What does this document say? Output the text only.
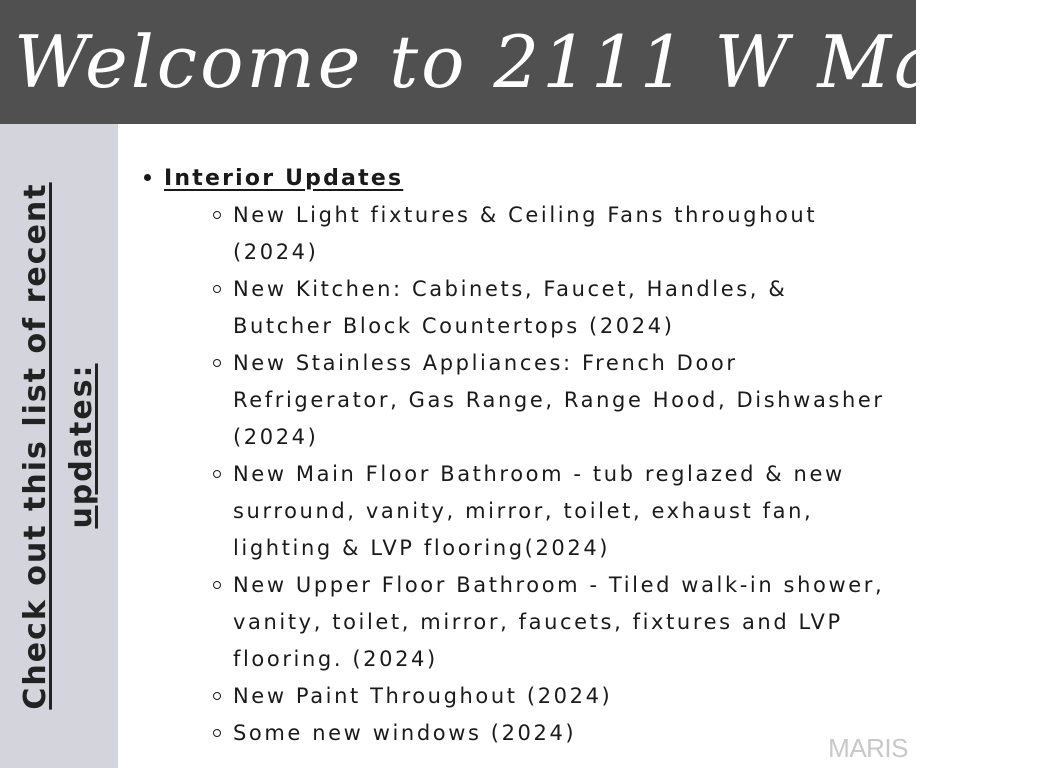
Welcome to 2111 W Main!
Check out this list of recent updates:
Interior Updates
New Light fixtures & Ceiling Fans throughout (2024)
New Kitchen: Cabinets, Faucet, Handles, & Butcher Block Countertops (2024)
New Stainless Appliances: French Door Refrigerator, Gas Range, Range Hood, Dishwasher (2024)
New Main Floor Bathroom - tub reglazed & new surround, vanity, mirror, toilet, exhaust fan, lighting & LVP flooring(2024)
New Upper Floor Bathroom - Tiled walk-in shower, vanity, toilet, mirror, faucets, fixtures and LVP flooring. (2024)
New Paint Throughout (2024)
Some new windows (2024)	MARIS
